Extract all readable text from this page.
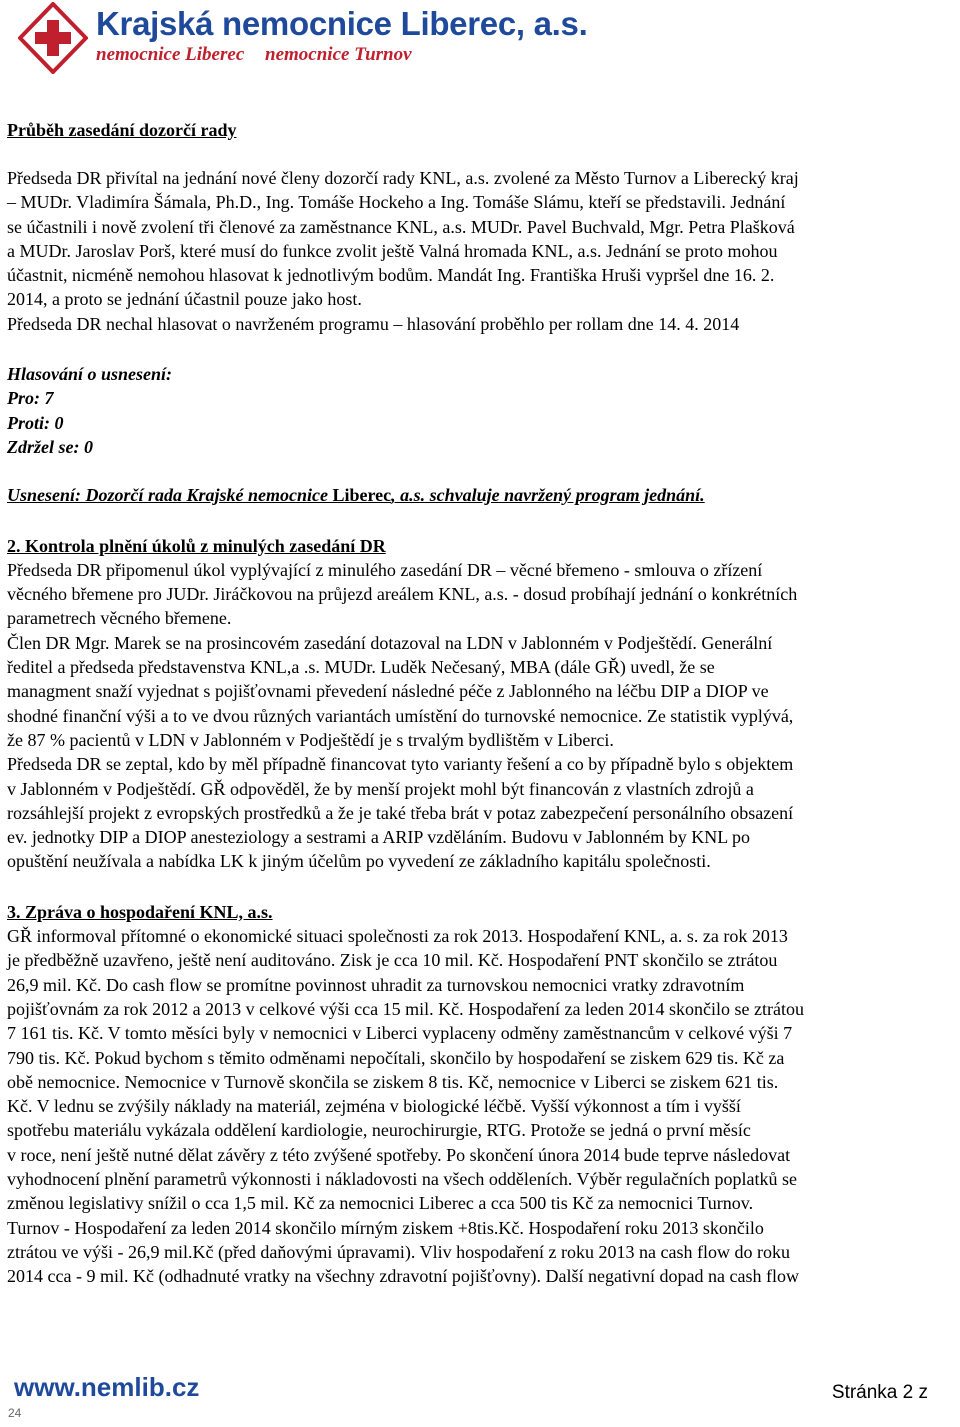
Krajská nemocnice Liberec, a.s.
nemocnice Liberec nemocnice Turnov

Průběh zasedání dozorčí rady

Předseda DR přivítal na jednání nové členy dozorčí rady KNL, a.s. zvolené za Město Turnov a Liberecký kraj

– MUDr. Vladimíra Šámala, Ph.D., Ing. Tomáše Hockeho a Ing. Tomáše Slámu, kteří se představili. Jednání

se účastnili i nově zvolení tři členové za zaměstnance KNL, a.s. MUDr. Pavel Buchvald, Mgr. Petra Plašková

a MUDr. Jaroslav Porš, které musí do funkce zvolit ještě Valná hromada KNL, a.s. Jednání se proto mohou

účastnit, nicméně nemohou hlasovat k jednotlivým bodům. Mandát Ing. Františka Hruši vypršel dne 16. 2.

2014, a proto se jednání účastnil pouze jako host.

Předseda DR nechal hlasovat o navrženém programu – hlasování proběhlo per rollam dne 14. 4. 2014

Hlasování o usnesení:

Pro: 7

Proti: 0

Zdržel se: 0

Usnesení: Dozorčí rada Krajské nemocnice Liberec, a.s. schvaluje navržený program jednání.

2. Kontrola plnění úkolů z minulých zasedání DR

Předseda DR připomenul úkol vyplývající z minulého zasedání DR – věcné břemeno - smlouva o zřízení

věcného břemene pro JUDr. Jiráčkovou na průjezd areálem KNL, a.s. - dosud probíhají jednání o konkrétních

parametrech věcného břemene.

Člen DR Mgr. Marek se na prosincovém zasedání dotazoval na LDN v Jablonném v Podještědí. Generální

ředitel a předseda představenstva KNL,a .s. MUDr. Luděk Nečesaný, MBA (dále GŘ) uvedl, že se

managment snaží vyjednat s pojišťovnami převedení následné péče z Jablonného na léčbu DIP a DIOP ve

shodné finanční výši a to ve dvou různých variantách umístění do turnovské nemocnice. Ze statistik vyplývá,

že 87 % pacientů v LDN v Jablonném v Podještědí je s trvalým bydlištěm v Liberci.

Předseda DR se zeptal, kdo by měl případně financovat tyto varianty řešení a co by případně bylo s objektem

v Jablonném v Podještědí. GŘ odpověděl, že by menší projekt mohl být financován z vlastních zdrojů a

rozsáhlejší projekt z evropských prostředků a že je také třeba brát v potaz zabezpečení personálního obsazení

ev. jednotky DIP a DIOP anesteziology a sestrami a ARIP vzděláním. Budovu v Jablonném by KNL po

opuštění neužívala a nabídka LK k jiným účelům po vyvedení ze základního kapitálu společnosti.

3. Zpráva o hospodaření KNL, a.s.

GŘ informoval přítomné o ekonomické situaci společnosti za rok 2013. Hospodaření KNL, a. s. za rok 2013

je předběžně uzavřeno, ještě není auditováno. Zisk je cca 10 mil. Kč. Hospodaření PNT skončilo se ztrátou

26,9 mil. Kč. Do cash flow se promítne povinnost uhradit za turnovskou nemocnici vratky zdravotním

pojišťovnám za rok 2012 a 2013 v celkové výši cca 15 mil. Kč. Hospodaření za leden 2014 skončilo se ztrátou

7 161 tis. Kč. V tomto měsíci byly v nemocnici v Liberci vyplaceny odměny zaměstnancům v celkové výši 7

790 tis. Kč. Pokud bychom s těmito odměnami nepočítali, skončilo by hospodaření se ziskem 629 tis. Kč za

obě nemocnice. Nemocnice v Turnově skončila se ziskem 8 tis. Kč, nemocnice v Liberci se ziskem 621 tis.

Kč. V lednu se zvýšily náklady na materiál, zejména v biologické léčbě. Vyšší výkonnost a tím i vyšší

spotřebu materiálu vykázala oddělení kardiologie, neurochirurgie, RTG. Protože se jedná o první měsíc

v roce, není ještě nutné dělat závěry z této zvýšené spotřeby. Po skončení února 2014 bude teprve následovat

vyhodnocení plnění parametrů výkonnosti i nákladovosti na všech odděleních. Výběr regulačních poplatků se

změnou legislativy snížil o cca 1,5 mil. Kč za nemocnici Liberec a cca 500 tis Kč za nemocnici Turnov.

Turnov - Hospodaření za leden 2014 skončilo mírným ziskem +8tis.Kč. Hospodaření roku 2013 skončilo

ztrátou ve výši - 26,9 mil.Kč (před daňovými úpravami). Vliv hospodaření z roku 2013 na cash flow do roku

2014 cca - 9 mil. Kč (odhadnuté vratky na všechny zdravotní pojišťovny). Další negativní dopad na cash flow

www.nemlib.cz	Stránka 2 z
24
